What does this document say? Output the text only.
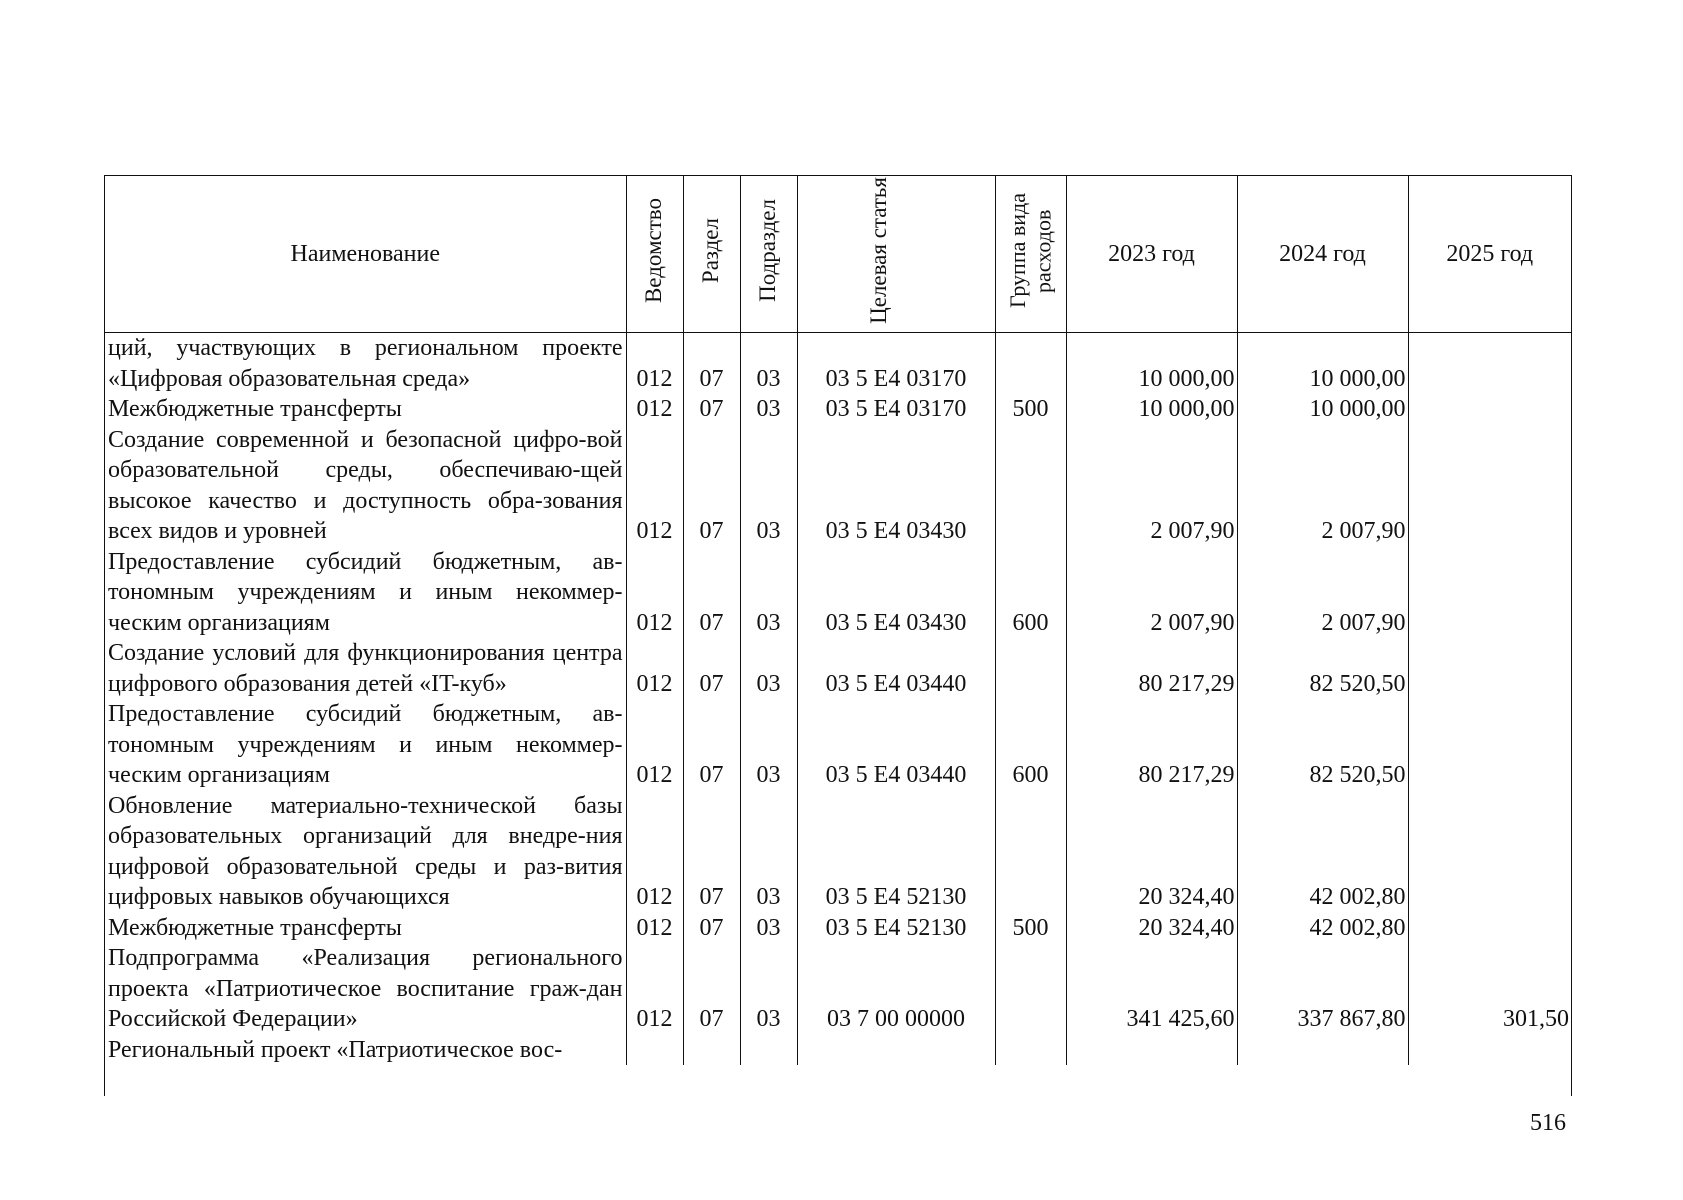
Наименование	Ведомство	Раздел	Подраздел	Целевая статья	Группа вида расходов	2023 год	2024 год	2025 год
ций, участвующих в региональном проекте «Цифровая образовательная среда»	012	07	03	03 5 E4 03170		10 000,00	10 000,00	
Межбюджетные трансферты	012	07	03	03 5 E4 03170	500	10 000,00	10 000,00	
Создание современной и безопасной цифро-вой образовательной среды, обеспечиваю-щей высокое качество и доступность обра-зования всех видов и уровней	012	07	03	03 5 E4 03430		2 007,90	2 007,90	
Предоставление субсидий бюджетным, ав-тономным учреждениям и иным некоммер-ческим организациям	012	07	03	03 5 E4 03430	600	2 007,90	2 007,90	
Создание условий для функционирования центра цифрового образования детей «IT-куб»	012	07	03	03 5 E4 03440		80 217,29	82 520,50	
Предоставление субсидий бюджетным, ав-тономным учреждениям и иным некоммер-ческим организациям	012	07	03	03 5 E4 03440	600	80 217,29	82 520,50	
Обновление материально-технической базы образовательных организаций для внедре-ния цифровой образовательной среды и раз-вития цифровых навыков обучающихся	012	07	03	03 5 E4 52130		20 324,40	42 002,80	
Межбюджетные трансферты	012	07	03	03 5 E4 52130	500	20 324,40	42 002,80	
Подпрограмма «Реализация регионального проекта «Патриотическое воспитание граж-дан Российской Федерации»	012	07	03	03 7 00 00000		341 425,60	337 867,80	301,50
Региональный проект «Патриотическое вос-								
516
